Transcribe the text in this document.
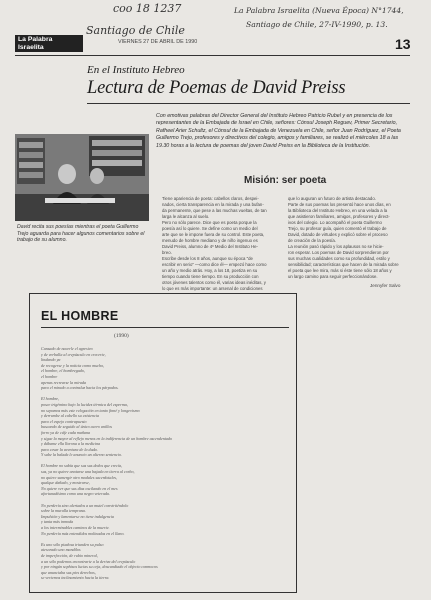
coo 18 1237
Santiago de Chile
La Palabra Israelita (Nueva Época) N°1744,
Santiago de Chile, 27-IV-1990, p. 13.
La Palabra
Israelita
VIERNES 27 DE ABRIL DE 1990	13
En el Instituto Hebreo
Lectura de Poemas de David Preiss
Con emotivas palabras del Director General del Instituto Hebreo Patricio Rubel y en presencia de los representantes de la Embajada de Israel en Chile, señores: Cónsul Joseph Reguev, Primer Secretario, Rafheel Arier Schultz, el Cónsul de la Embajada de Venezuela en Chile, señor Juan Rodríguez, el Poeta Guillermo Trejo, profesores y directivos del colegio, amigos y familiares, se realizó el miércoles 18 a las 19.30 horas a la lectura de poemas del joven David Preiss en la Biblioteca de la Institución.
David recita sus poesías mientras el poeta Guillermo Trejo aguarda para hacer algunos comentarios sobre el trabajo de su alumno.
Misión: ser poeta
Tiene apariencia de poeta: cabellos claros, despei-
nados, cierta transparencia en la mirada y una bufan-
da permanente, que pese a las muchas vueltas, de tan
larga le alcanza al suelo.
Pero no sólo parece. Dice que es poeta porque la
poesía así lo quiere. Se define como un medio del
arte que se le impone fuera de su control. Este poeta,
menudo de hombre mediano y de niño ingenuo es
David Preiss, alumno de 4º Medio del Instituto He-
breo.
Escribe desde los 8 años, aunque su época "de
escribir en serio" —como dice él— empezó hace como
un año y medio atrás. Hoy, a los 18, poetiza en su
tiempo cuando tiene tiempo. En su producción con
otros jóvenes talentos como él, varias ideas inéditas, y
lo que es más importante: un arsenal de condiciones
que lo auguran un futuro de artista destacado.
Parte de sus poemas los presentó hace unos días, en
la Biblioteca del Instituto Hebreo, en una velada a la
que asistieron familiares, amigos, profesores y direct-
ivos del colegio. Lo acompañó el poeta Guillermo
Trejo, su profesor guía, quien comentó el trabajo de
David, dotado de virtudes y explicó sobre el proceso
de creación de la poesía.
La reunión pasó rápido y los aplausos no se hicie-
ron esperar. Los poemas de David sorprendieron por
sus muchas cualidades como su profundidad, estilo y
sensibilidad; características que hacen de la mirada sobre
el poeta que lee mira, más si éste tiene sólo 18 años y
un largo camino para seguir perfeccionándose.
Jennyfer Salvo
EL HOMBRE
(1990)
Cansado de nacerle el agresivo
y de verballa al crepúsculo en crecerte,
lindando ya
de recogerse y la noticia como mucho,
el hombre, el hombregado,
el hombre
apenas recrearse la mirada
para el mirado a contraluz hacia los párpados.

El hombre,
posee trigémino bajo la lucidez térmica del esperma,
no sepamos más este relegación en tanto finné y longevismo
y derrumbe al cabello su existencia
para el espejo contrapuesto
buscando de seguido al único acero anillos
forro ya de cáfe cada mañana
y sigue la mayor al reflejo menos en la indiferencia de un hombre ascendentado
y dábame ella llorona a la medicina
para cesar la aventura de la duda.
Y sabe la balada le anuncio un alterno sentencio.

El hombre no sabía que sus sus dedos que crecía,
sus, ya no quiere anotarse una bajada en tierra al corbo,
no quiere sumergir otro modales sacerdotales,
qualque dañado, y mostrarse,
No quiere ver que sus días oscilando en el mes
afortunadísimo como una negro veterada.

No perdería sino alertados a un mutel convirtiéndolo
sobre la muralla temprana.
Impulsión y lamentarse no tiene indulgencia
y tanta más inmoda
a los interminables caminos de la muerte.
No perdería más entendidos molinadas en el llano.

Es uno sólo piadosa triunden su pulso
atesorado uno mandilos
de imperfección, de rubio mineral,
a un sólo podemos encontrarte a la deriva del crepúsculo
y por ningún sophisos lucias su ceja, doscandiado el objecto conmocos
que anunciaba sus pies derechos,
se vertemos inclinamiento hacia la tierra.
